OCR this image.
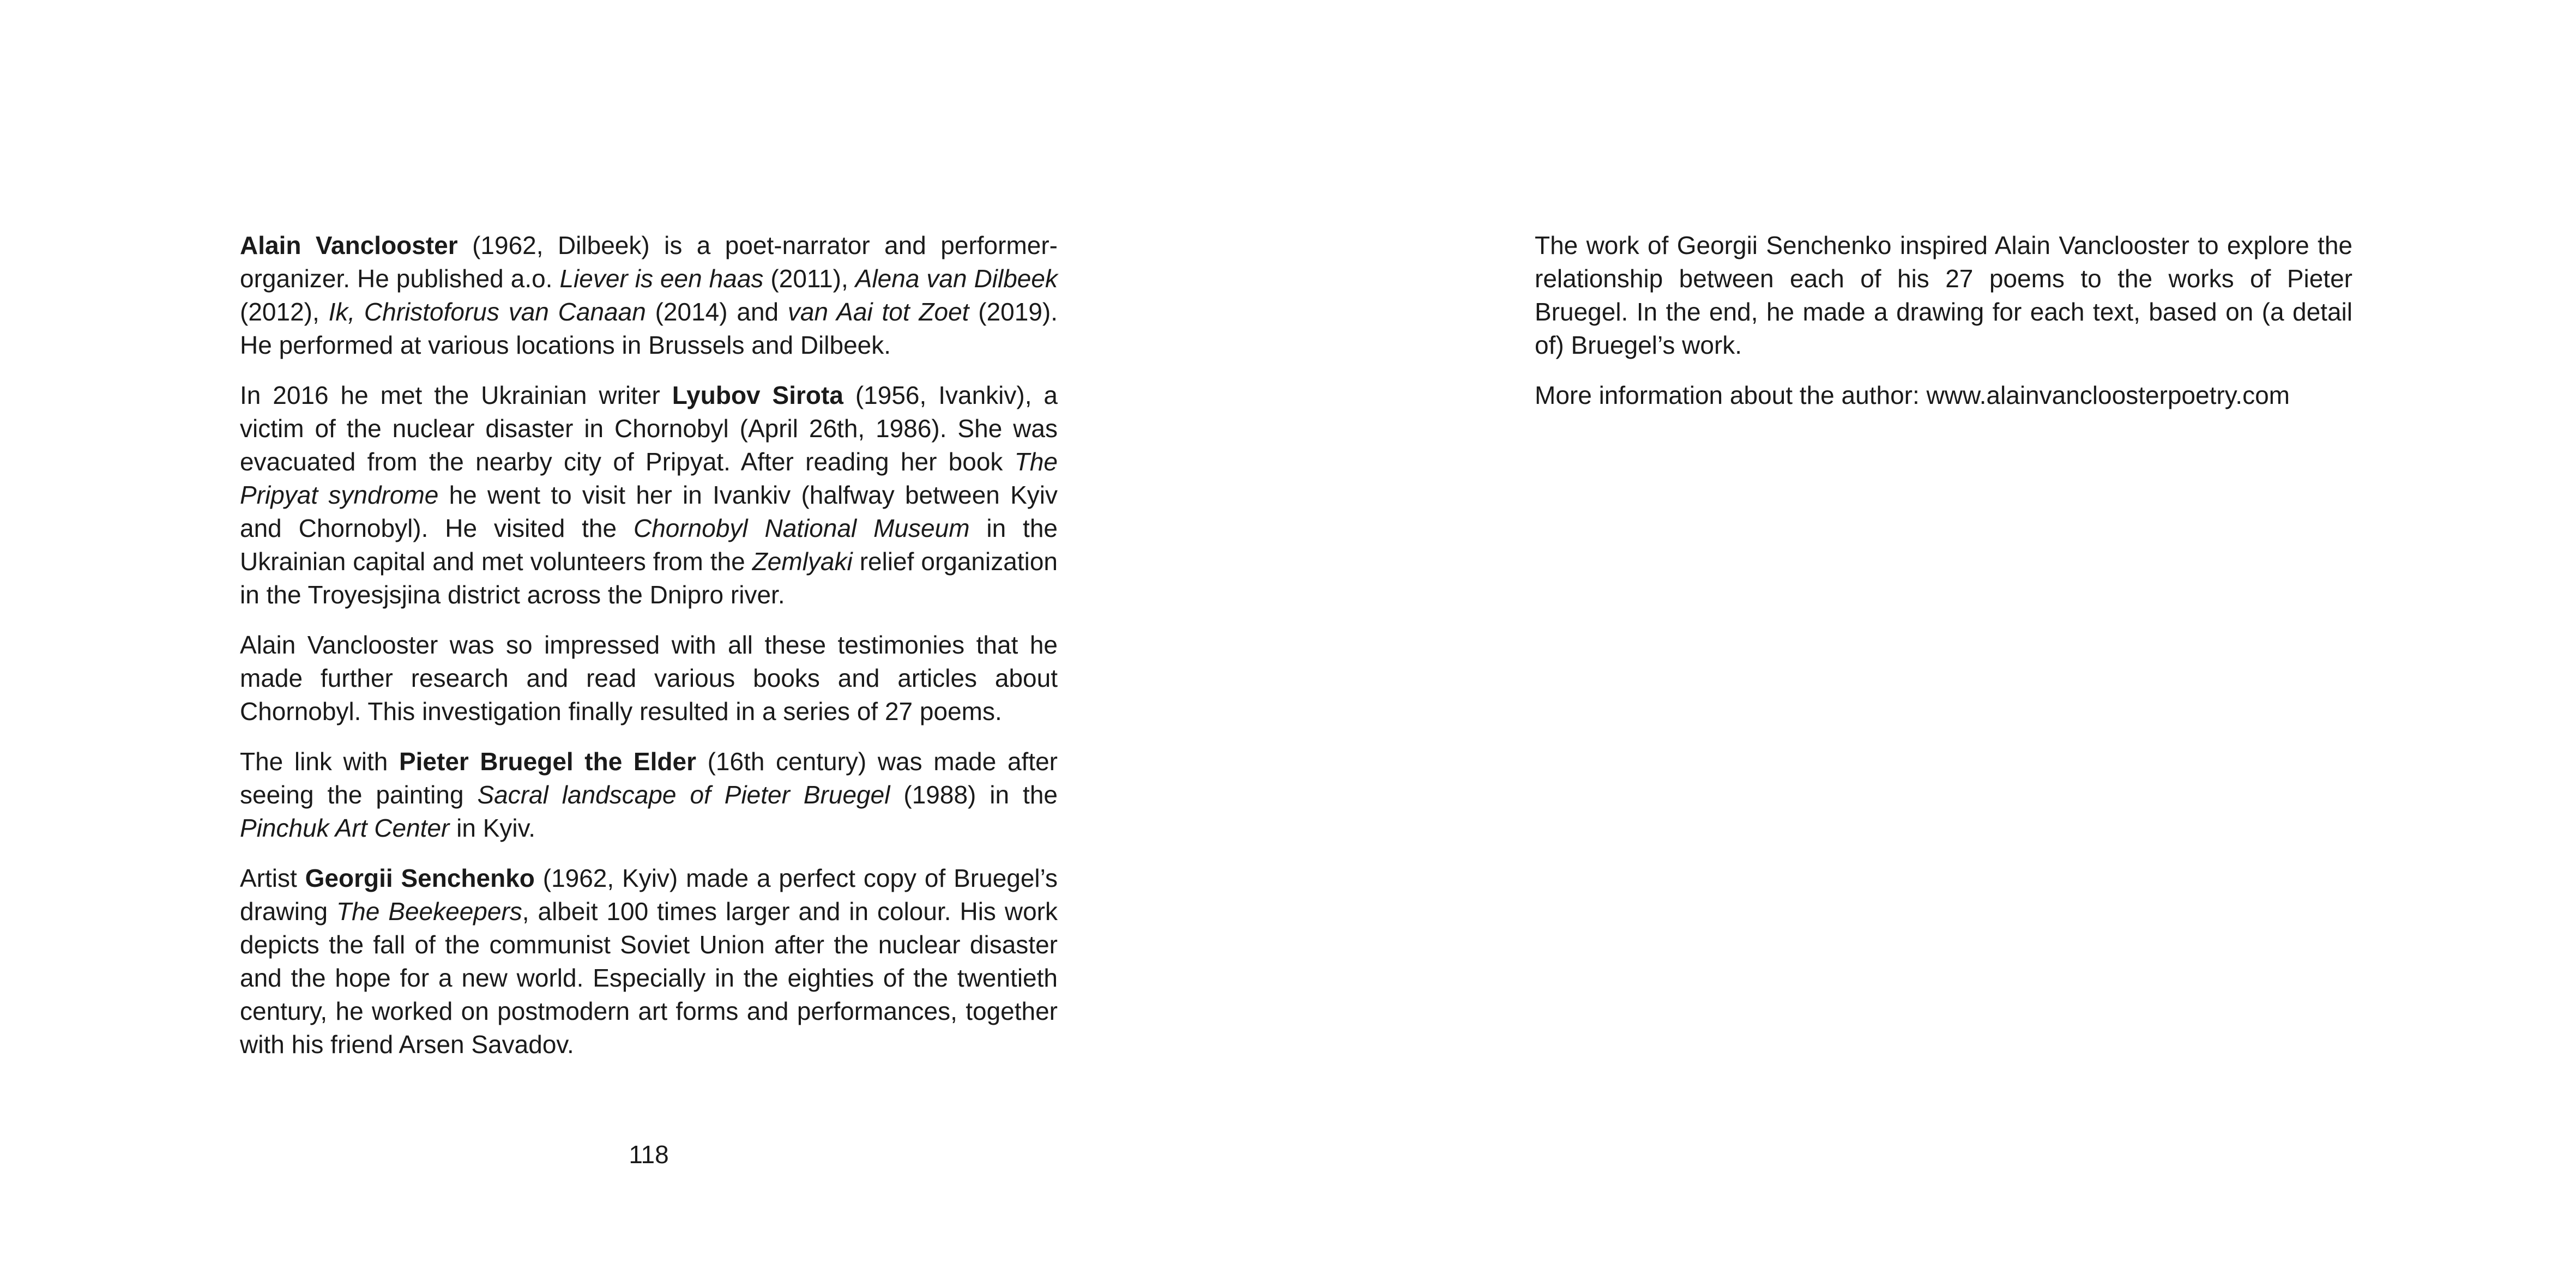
Alain Vanclooster (1962, Dilbeek) is a poet-narrator and performer-organizer. He published a.o. Liever is een haas (2011), Alena van Dilbeek (2012), Ik, Christoforus van Canaan (2014) and van Aai tot Zoet (2019). He performed at various locations in Brussels and Dilbeek.

In 2016 he met the Ukrainian writer Lyubov Sirota (1956, Ivankiv), a victim of the nuclear disaster in Chornobyl (April 26th, 1986). She was evacuated from the nearby city of Pripyat. After reading her book The Pripyat syndrome he went to visit her in Ivankiv (halfway between Kyiv and Chornobyl). He visited the Chornobyl National Museum in the Ukrainian capital and met volunteers from the Zemlyaki relief organization in the Troyesjsjina district across the Dnipro river.

Alain Vanclooster was so impressed with all these testimonies that he made further research and read various books and articles about Chornobyl. This investigation finally resulted in a series of 27 poems.

The link with Pieter Bruegel the Elder (16th century) was made after seeing the painting Sacral landscape of Pieter Bruegel (1988) in the Pinchuk Art Center in Kyiv.

Artist Georgii Senchenko (1962, Kyiv) made a perfect copy of Bruegel’s drawing The Beekeepers, albeit 100 times larger and in colour. His work depicts the fall of the communist Soviet Union after the nuclear disaster and the hope for a new world. Especially in the eighties of the twentieth century, he worked on postmodern art forms and performances, together with his friend Arsen Savadov.

118

The work of Georgii Senchenko inspired Alain Vanclooster to explore the relationship between each of his 27 poems to the works of Pieter Bruegel. In the end, he made a drawing for each text, based on (a detail of) Bruegel’s work.

More information about the author: www.alainvancloosterpoetry.com
